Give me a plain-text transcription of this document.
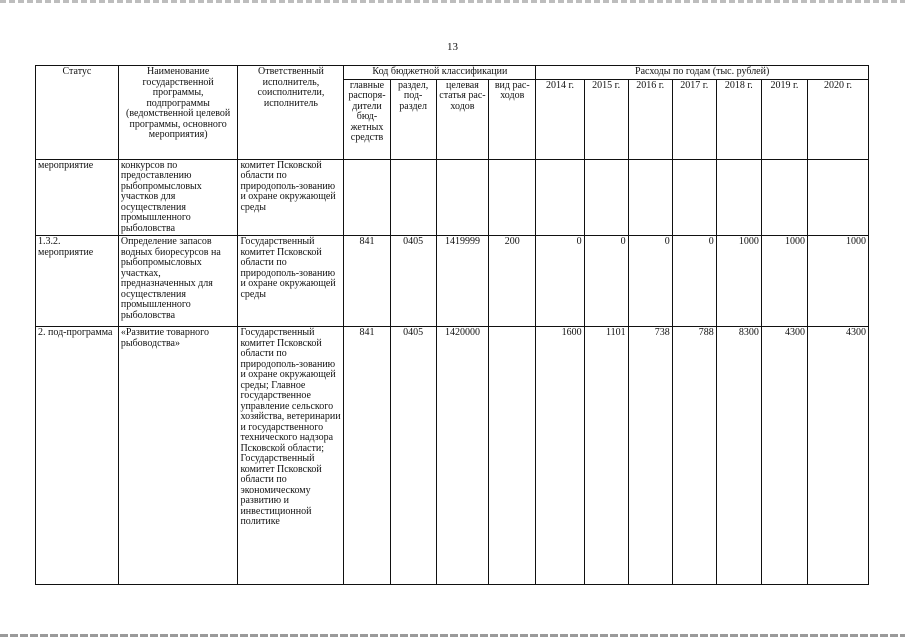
13
Статус	Наименование государственной программы, подпрограммы (ведомственной целевой программы, основного мероприятия)	Ответственный исполнитель, соисполнители, исполнитель	Код бюджетной классификации				Расходы по годам (тыс. рублей)						
			главные распоря-дители бюд-жетных средств	раздел, под-раздел	целевая статья рас-ходов	вид рас-ходов	2014 г.	2015 г.	2016 г.	2017 г.	2018 г.	2019 г.	2020 г.
мероприятие	конкурсов по предоставлению рыбопромысловых участков для осуществления промышленного рыболовства	комитет Псковской области по природополь-зованию и охране окружающей среды											
1.3.2. мероприятие	Определение запасов водных биоресурсов на рыбопромысловых участках, предназначенных для осуществления промышленного рыболовства	Государственный комитет Псковской области по природополь-зованию и охране окружающей среды	841	0405	1419999	200	0	0	0	0	1000	1000	1000
2. под-программа	«Развитие товарного рыбоводства»	Государственный комитет Псковской области по природополь-зованию и охране окружающей среды; Главное государственное управление сельского хозяйства, ветеринарии и государственного технического надзора Псковской области; Государственный комитет Псковской области по экономическому развитию и инвестиционной политике	841	0405	1420000		1600	1101	738	788	8300	4300	4300
